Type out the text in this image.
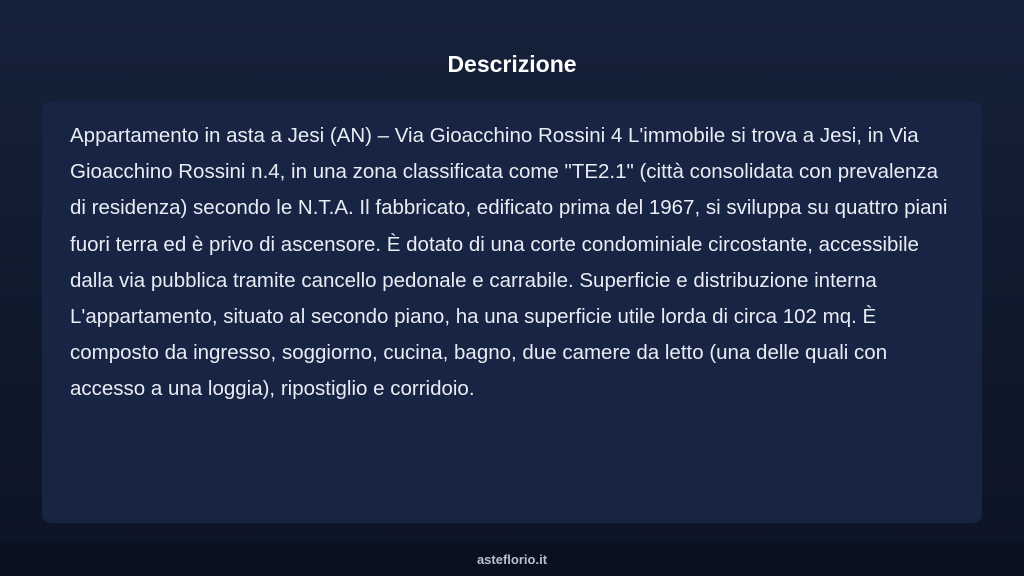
Descrizione

Appartamento in asta a Jesi (AN) – Via Gioacchino Rossini 4 L'immobile si trova a Jesi, in Via Gioacchino Rossini n.4, in una zona classificata come "TE2.1" (città consolidata con prevalenza di residenza) secondo le N.T.A. Il fabbricato, edificato prima del 1967, si sviluppa su quattro piani fuori terra ed è privo di ascensore. È dotato di una corte condominiale circostante, accessibile dalla via pubblica tramite cancello pedonale e carrabile. Superficie e distribuzione interna L'appartamento, situato al secondo piano, ha una superficie utile lorda di circa 102 mq. È composto da ingresso, soggiorno, cucina, bagno, due camere da letto (una delle quali con accesso a una loggia), ripostiglio e corridoio.

asteflorio.it
